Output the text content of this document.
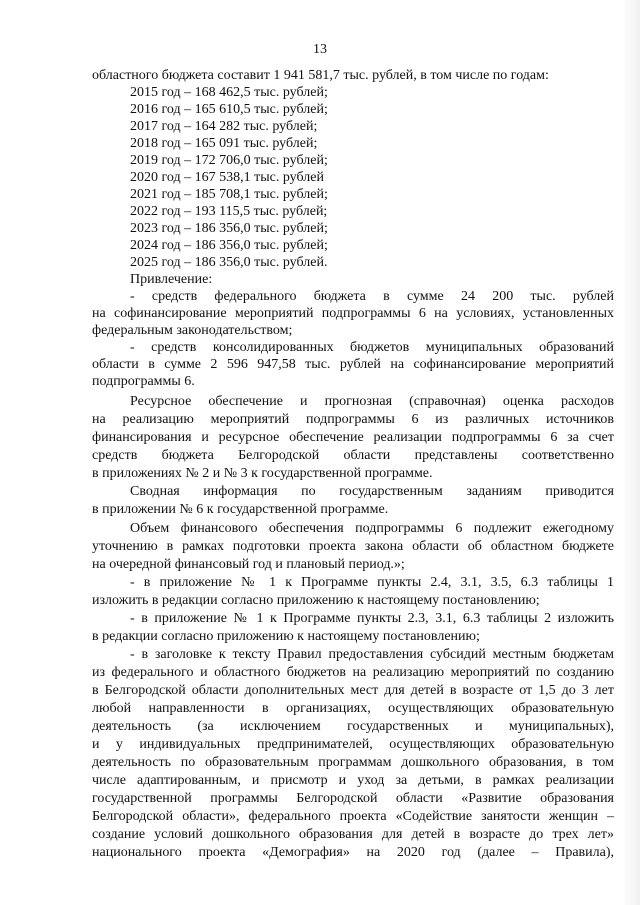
13
областного бюджета составит 1 941 581,7 тыс. рублей, в том числе по годам:
2015 год – 168 462,5 тыс. рублей;
2016 год – 165 610,5 тыс. рублей;
2017 год – 164 282 тыс. рублей;
2018 год – 165 091 тыс. рублей;
2019 год – 172 706,0 тыс. рублей;
2020 год – 167 538,1 тыс. рублей
2021 год – 185 708,1 тыс. рублей;
2022 год – 193 115,5 тыс. рублей;
2023 год – 186 356,0 тыс. рублей;
2024 год – 186 356,0 тыс. рублей;
2025 год – 186 356,0 тыс. рублей.
Привлечение:
- средств федерального бюджета в сумме 24 200 тыс. рублей
на софинансирование мероприятий подпрограммы 6 на условиях, установленных
федеральным законодательством;
- средств консолидированных бюджетов муниципальных образований
области в сумме 2 596 947,58 тыс. рублей на софинансирование мероприятий
подпрограммы 6.
Ресурсное обеспечение и прогнозная (справочная) оценка расходов
на реализацию мероприятий подпрограммы 6 из различных источников
финансирования и ресурсное обеспечение реализации подпрограммы 6 за счет
средств бюджета Белгородской области представлены соответственно
в приложениях № 2 и № 3 к государственной программе.
Сводная информация по государственным заданиям приводится
в приложении № 6 к государственной программе.
Объем финансового обеспечения подпрограммы 6 подлежит ежегодному
уточнению в рамках подготовки проекта закона области об областном бюджете
на очередной финансовый год и плановый период.»;
- в приложение № 1 к Программе пункты 2.4, 3.1, 3.5, 6.3 таблицы 1
изложить в редакции согласно приложению к настоящему постановлению;
- в приложение № 1 к Программе пункты 2.3, 3.1, 6.3 таблицы 2 изложить
в редакции согласно приложению к настоящему постановлению;
- в заголовке к тексту Правил предоставления субсидий местным бюджетам
из федерального и областного бюджетов на реализацию мероприятий по созданию
в Белгородской области дополнительных мест для детей в возрасте от 1,5 до 3 лет
любой направленности в организациях, осуществляющих образовательную
деятельность (за исключением государственных и муниципальных),
и у индивидуальных предпринимателей, осуществляющих образовательную
деятельность по образовательным программам дошкольного образования, в том
числе адаптированным, и присмотр и уход за детьми, в рамках реализации
государственной программы Белгородской области «Развитие образования
Белгородской области», федерального проекта «Содействие занятости женщин –
создание условий дошкольного образования для детей в возрасте до трех лет»
национального проекта «Демография» на 2020 год (далее – Правила),
